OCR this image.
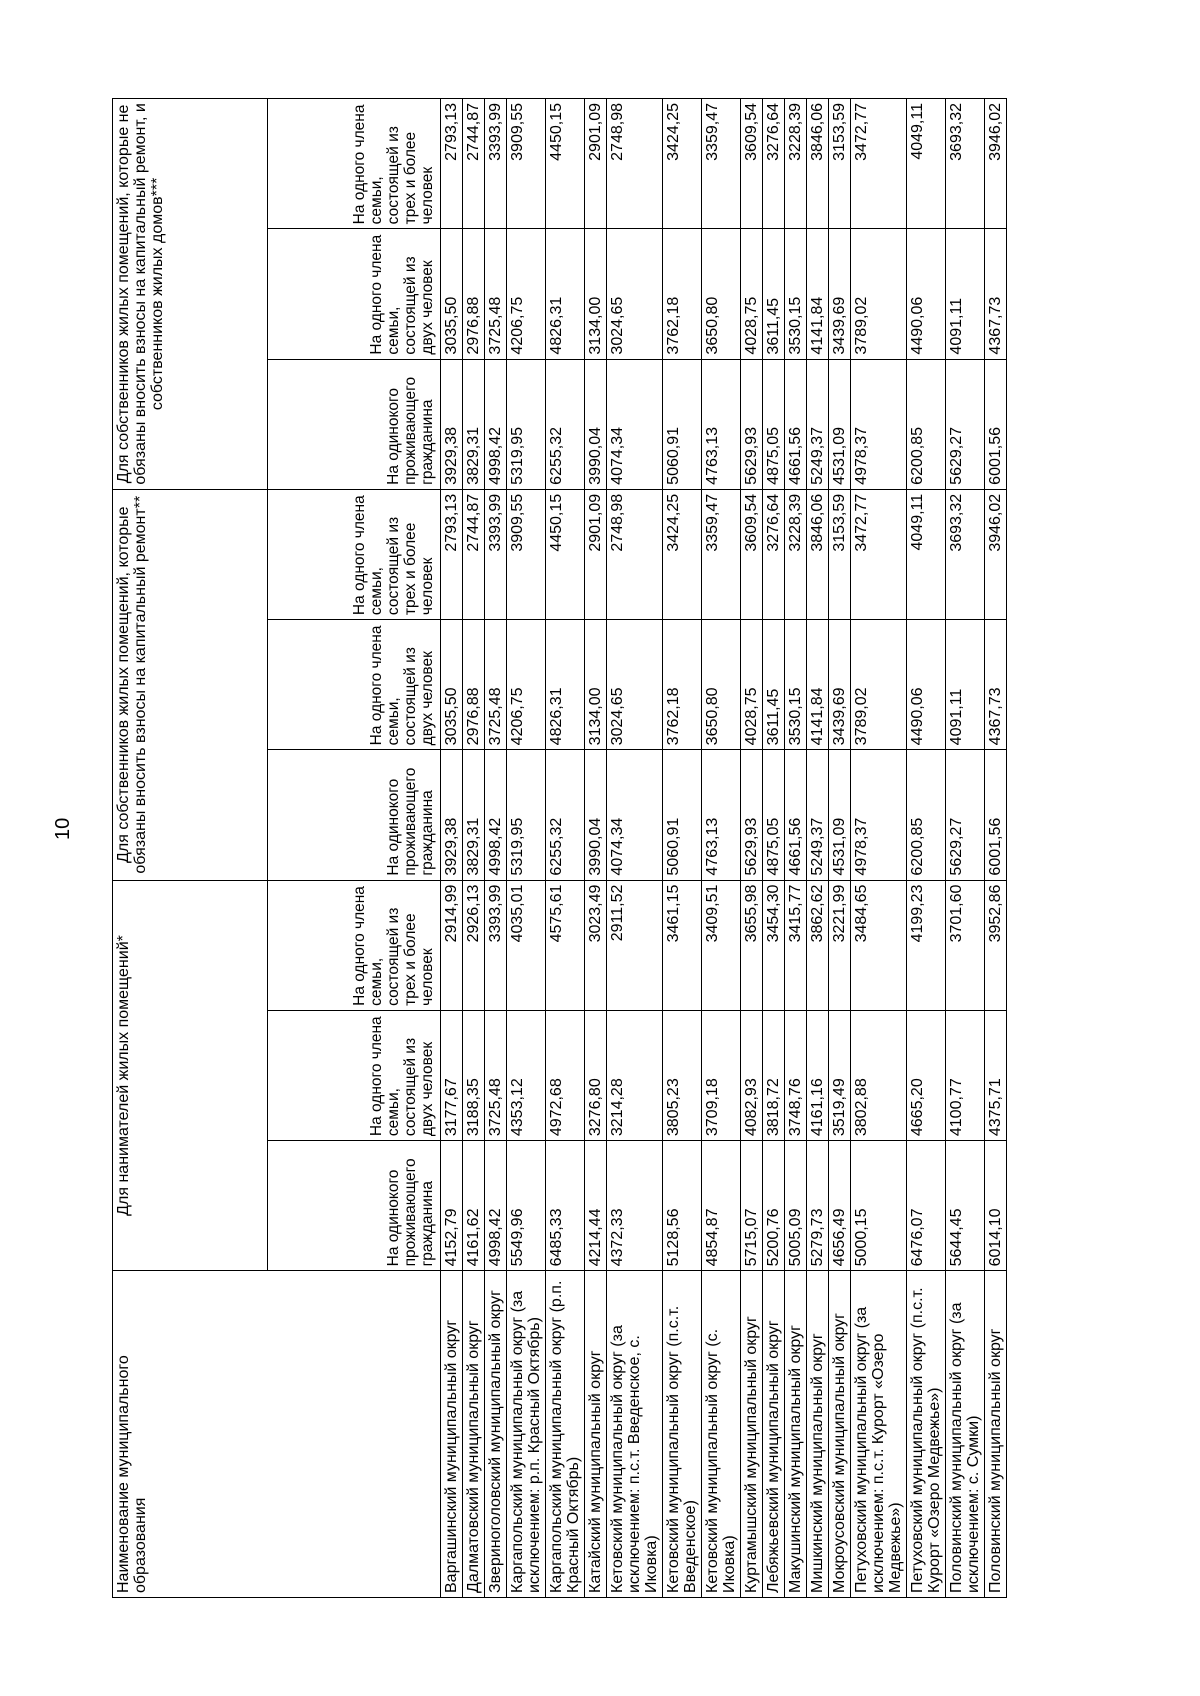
10
Наименование муниципального образования	Для нанимателей жилых помещений*			Для собственников жилых помещений, которые обязаны вносить взносы на капитальный ремонт**			Для собственников жилых помещений, которые не обязаны вносить взносы на капитальный ремонт, и собственников жилых домов***		
	На одинокого проживающего гражданина	На одного члена семьи, состоящей из двух человек	На одного члена семьи, состоящей из трех и более человек	На одинокого проживающего гражданина	На одного члена семьи, состоящей из двух человек	На одного члена семьи, состоящей из трех и более человек	На одинокого проживающего гражданина	На одного члена семьи, состоящей из двух человек	На одного члена семьи, состоящей из трех и более человек
Варгашинский муниципальный округ	4152,79	3177,67	2914,99	3929,38	3035,50	2793,13	3929,38	3035,50	2793,13
Далматовский муниципальный округ	4161,62	3188,35	2926,13	3829,31	2976,88	2744,87	3829,31	2976,88	2744,87
Звериноголовский муниципальный округ	4998,42	3725,48	3393,99	4998,42	3725,48	3393,99	4998,42	3725,48	3393,99
Каргапольский муниципальный округ (за исключением: р.п. Красный Октябрь)	5549,96	4353,12	4035,01	5319,95	4206,75	3909,55	5319,95	4206,75	3909,55
Каргапольский муниципальный округ (р.п. Красный Октябрь)	6485,33	4972,68	4575,61	6255,32	4826,31	4450,15	6255,32	4826,31	4450,15
Катайский муниципальный округ	4214,44	3276,80	3023,49	3990,04	3134,00	2901,09	3990,04	3134,00	2901,09
Кетовский муниципальный округ (за исключением: п.с.т. Введенское, с. Иковка)	4372,33	3214,28	2911,52	4074,34	3024,65	2748,98	4074,34	3024,65	2748,98
Кетовский муниципальный округ (п.с.т. Введенское)	5128,56	3805,23	3461,15	5060,91	3762,18	3424,25	5060,91	3762,18	3424,25
Кетовский муниципальный округ (с. Иковка)	4854,87	3709,18	3409,51	4763,13	3650,80	3359,47	4763,13	3650,80	3359,47
Куртамышский муниципальный округ	5715,07	4082,93	3655,98	5629,93	4028,75	3609,54	5629,93	4028,75	3609,54
Лебяжьевский муниципальный округ	5200,76	3818,72	3454,30	4875,05	3611,45	3276,64	4875,05	3611,45	3276,64
Макушинский муниципальный округ	5005,09	3748,76	3415,77	4661,56	3530,15	3228,39	4661,56	3530,15	3228,39
Мишкинский муниципальный округ	5279,73	4161,16	3862,62	5249,37	4141,84	3846,06	5249,37	4141,84	3846,06
Мокроусовский муниципальный округ	4656,49	3519,49	3221,99	4531,09	3439,69	3153,59	4531,09	3439,69	3153,59
Петуховский муниципальный округ (за исключением: п.с.т. Курорт «Озеро Медвежье»)	5000,15	3802,88	3484,65	4978,37	3789,02	3472,77	4978,37	3789,02	3472,77
Петуховский муниципальный округ (п.с.т. Курорт «Озеро Медвежье»)	6476,07	4665,20	4199,23	6200,85	4490,06	4049,11	6200,85	4490,06	4049,11
Половинский муниципальный округ (за исключением: с. Сумки)	5644,45	4100,77	3701,60	5629,27	4091,11	3693,32	5629,27	4091,11	3693,32
Половинский муниципальный округ	6014,10	4375,71	3952,86	6001,56	4367,73	3946,02	6001,56	4367,73	3946,02
